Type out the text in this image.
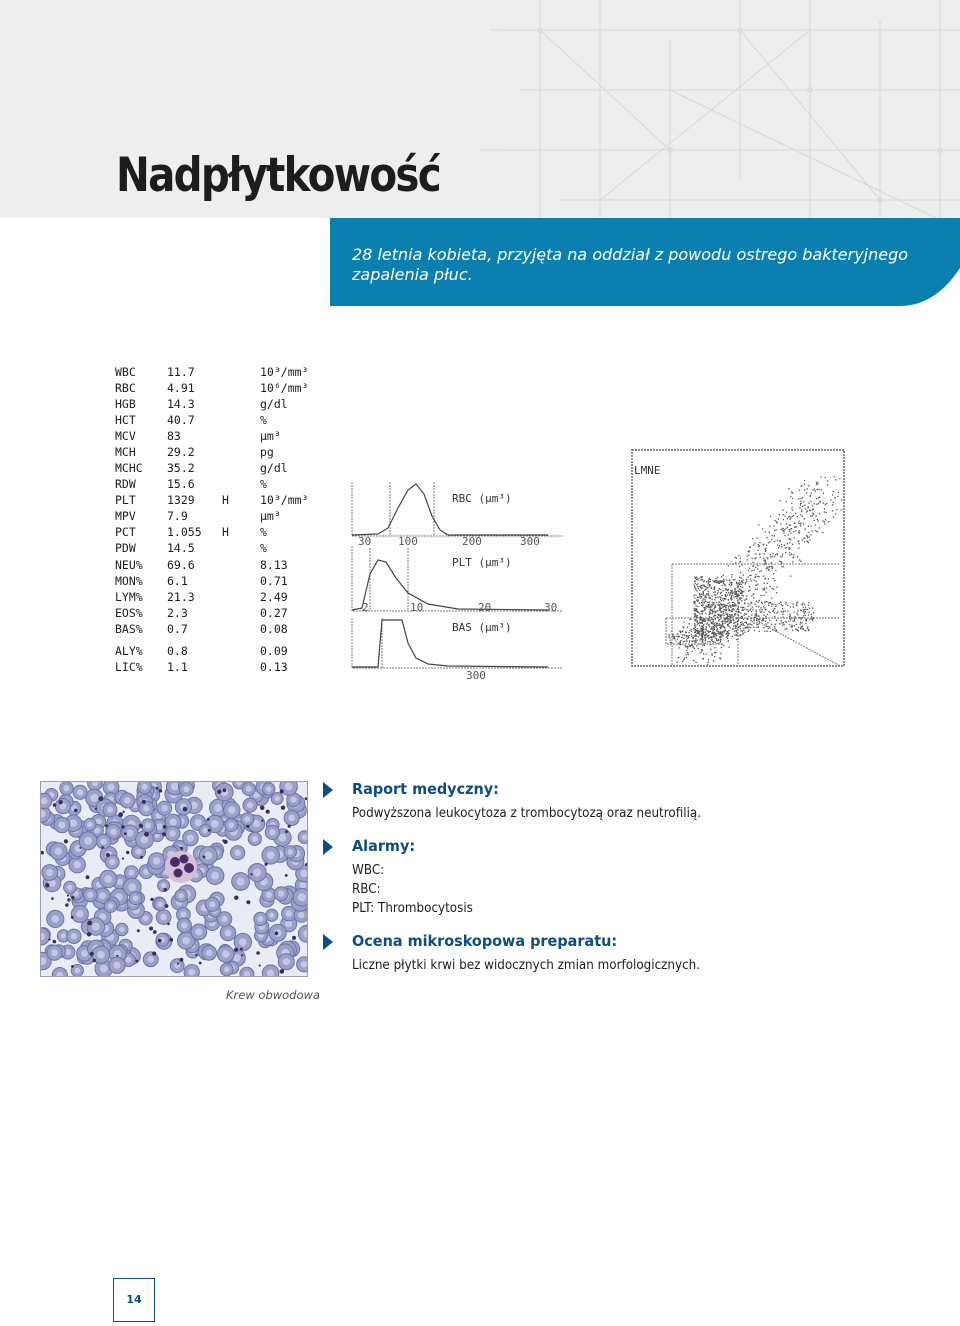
Nadpłytkowość
28 letnia kobieta, przyjęta na oddział z powodu ostrego bakteryjnego zapalenia płuc.
WBC	11.7	10³/mm³
RBC	4.91	10⁶/mm³
HGB	14.3	g/dl
HCT	40.7	%
MCV	83	µm³
MCH	29.2	pg
MCHC 35.2	g/dl
RDW	15.6	%
PLT	1329 H	10³/mm³
MPV	7.9	µm³
PCT	1.055 H	%
PDW	14.5	%
NEU% 69.6	8.13
MON% 6.1	0.71
LYM% 21.3	2.49
EOS% 2.3	0.27
BAS% 0.7	0.08
ALY% 0.8	0.09
LIC% 1.1	0.13
RBC (µm³)
PLT (µm³)
BAS (µm³)
30 100	200	300
2	10	20	30
300
LMNE
Krew obwodowa
Raport medyczny:
Podwyższona leukocytoza z trombocytozą oraz neutrofilią.
Alarmy:
WBC:
RBC:
PLT: Thrombocytosis
Ocena mikroskopowa preparatu:
Liczne płytki krwi bez widocznych zmian morfologicznych.
14
